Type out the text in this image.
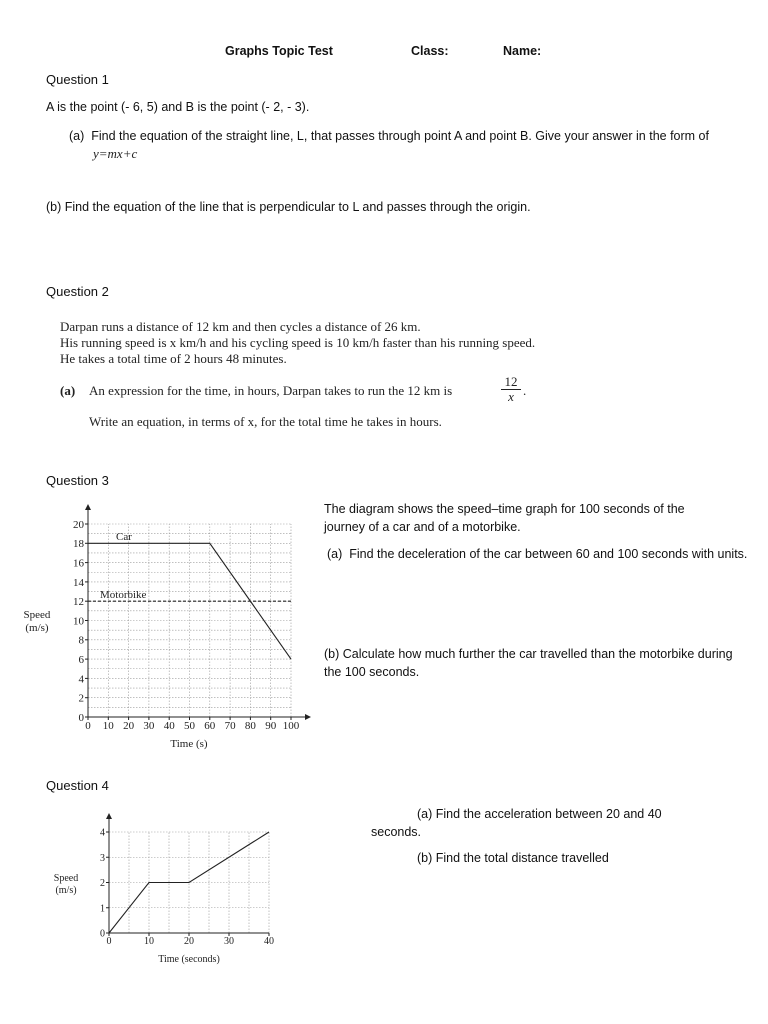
Graphs Topic Test	Class:	Name:
Question 1
A is the point (- 6, 5) and B is the point (- 2, - 3).
(a) Find the equation of the straight line, L, that passes through point A and point B. Give your answer in the form of y=mx+c
(b) Find the equation of the line that is perpendicular to L and passes through the origin.
Question 2
Darpan runs a distance of 12 km and then cycles a distance of 26 km.
His running speed is x km/h and his cycling speed is 10 km/h faster than his running speed.
He takes a total time of 2 hours 48 minutes.
(a) An expression for the time, in hours, Darpan takes to run the 12 km is	$\frac{12}{x}$ .
Write an equation, in terms of x, for the total time he takes in hours.
Question 3
The diagram shows the speed–time graph for 100 seconds of the journey of a car and of a motorbike.
(a) Find the deceleration of the car between 60 and 100 seconds with units.
(b) Calculate how much further the car travelled than the motorbike during the 100 seconds.
0 10 20 30 40 50 60 70 80 90 100
0
2
4
6
8
10
12
14
16
18
20
Car
Motorbike
Time (s)
Speed
(m/s)
Question 4
(a) Find the acceleration between 20 and 40 seconds.
(b) Find the total distance travelled
0	10	20	30	40
0
1
2
3
4
Time (seconds)
Speed
(m/s)
